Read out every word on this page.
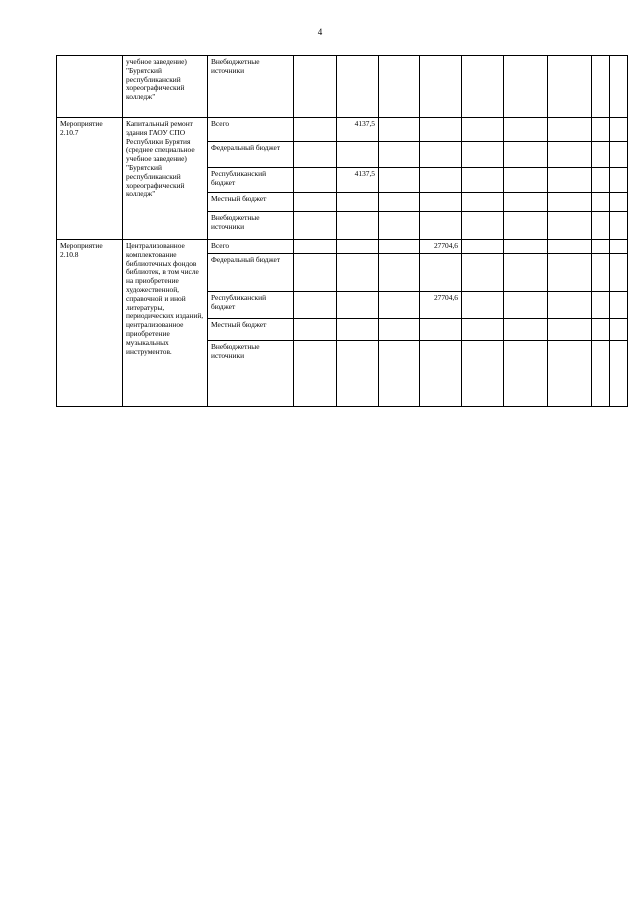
4
	учебное заведение) "Бурятский республиканский хореографический колледж"	Внебюджетные источники									
Мероприятие 2.10.7	Капитальный ремонт здания ГАОУ СПО Республики Бурятия (среднее специальное учебное заведение) "Бурятский республиканский хореографический колледж"	Всего		4137,5							
		Федеральный бюджет									
		Республиканский бюджет		4137,5							
		Местный бюджет									
		Внебюджетные источники									
Мероприятие 2.10.8	Централизованное комплектование библиотечных фондов библиотек, в том числе на приобретение художественной, справочной и иной литературы, периодических изданий, централизованное приобретение музыкальных инструментов.	Всего				27704,6					
		Федеральный бюджет									
		Республиканский бюджет				27704,6					
		Местный бюджет									
		Внебюджетные источники									
